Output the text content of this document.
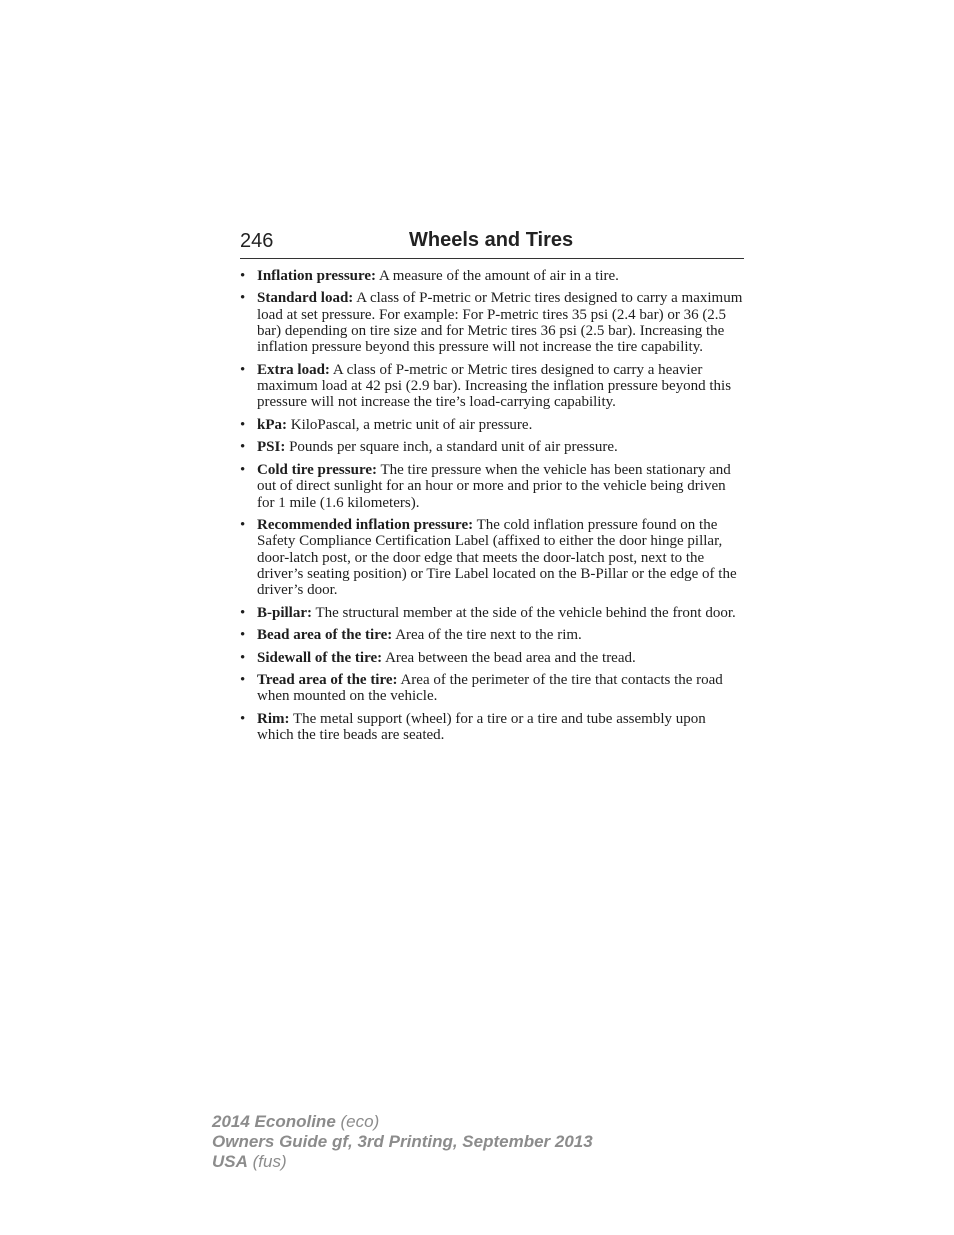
246	Wheels and Tires
• Inflation pressure: A measure of the amount of air in a tire.
• Standard load: A class of P-metric or Metric tires designed to carry a maximum load at set pressure. For example: For P-metric tires 35 psi (2.4 bar) or 36 (2.5 bar) depending on tire size and for Metric tires 36 psi (2.5 bar). Increasing the inflation pressure beyond this pressure will not increase the tire capability.
• Extra load: A class of P-metric or Metric tires designed to carry a heavier maximum load at 42 psi (2.9 bar). Increasing the inflation pressure beyond this pressure will not increase the tire’s load-carrying capability.
• kPa: KiloPascal, a metric unit of air pressure.
• PSI: Pounds per square inch, a standard unit of air pressure.
• Cold tire pressure: The tire pressure when the vehicle has been stationary and out of direct sunlight for an hour or more and prior to the vehicle being driven for 1 mile (1.6 kilometers).
• Recommended inflation pressure: The cold inflation pressure found on the Safety Compliance Certification Label (affixed to either the door hinge pillar, door-latch post, or the door edge that meets the door-latch post, next to the driver’s seating position) or Tire Label located on the B-Pillar or the edge of the driver’s door.
• B-pillar: The structural member at the side of the vehicle behind the front door.
• Bead area of the tire: Area of the tire next to the rim.
• Sidewall of the tire: Area between the bead area and the tread.
• Tread area of the tire: Area of the perimeter of the tire that contacts the road when mounted on the vehicle.
• Rim: The metal support (wheel) for a tire or a tire and tube assembly upon which the tire beads are seated.
2014 Econoline (eco)
Owners Guide gf, 3rd Printing, September 2013
USA (fus)
